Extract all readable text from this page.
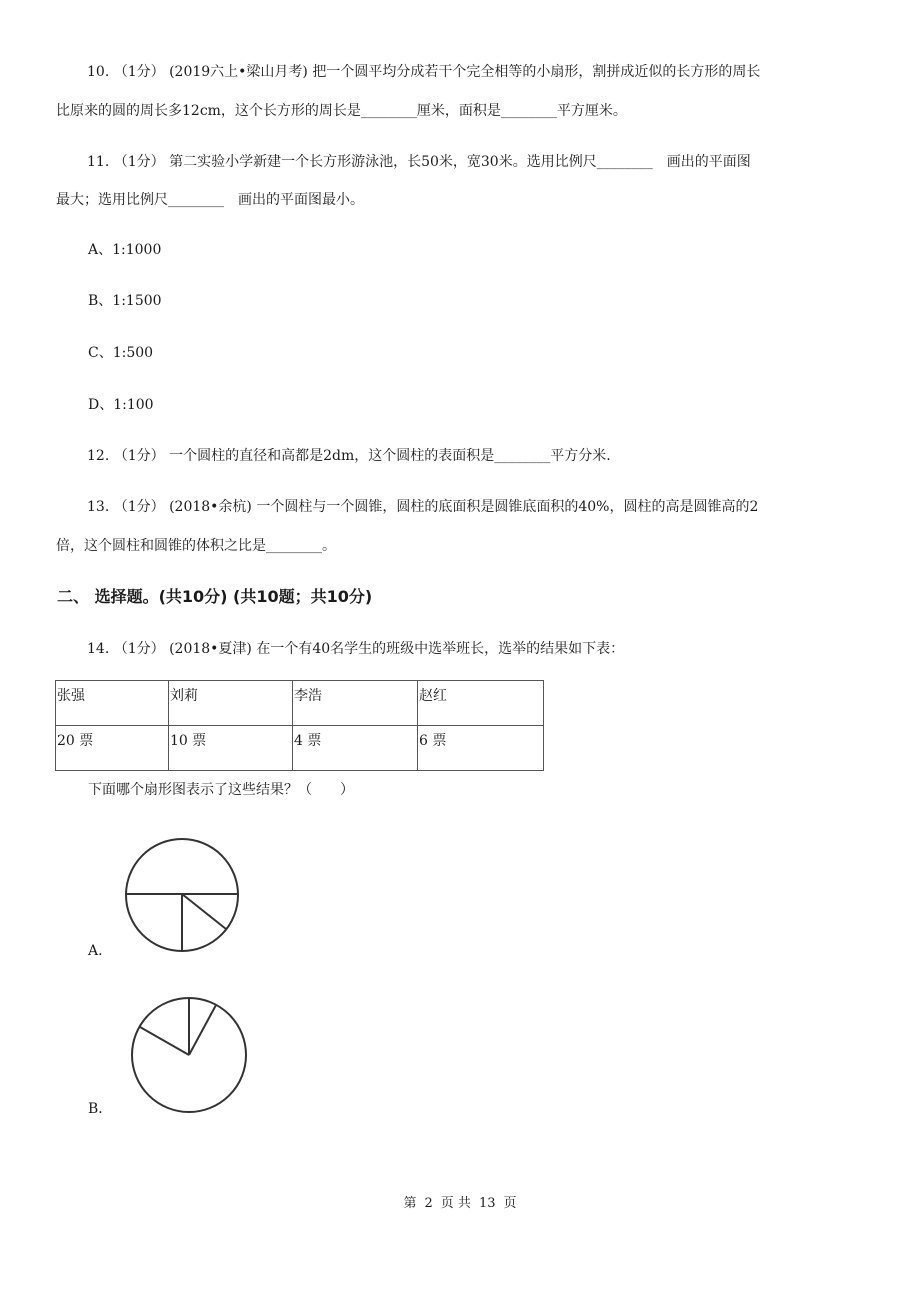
10. （1分） (2019六上•梁山月考) 把一个圆平均分成若干个完全相等的小扇形，割拼成近似的长方形的周长
比原来的圆的周长多12cm，这个长方形的周长是________厘米，面积是________平方厘米。
11. （1分） 第二实验小学新建一个长方形游泳池，长50米，宽30米。选用比例尺________　画出的平面图
最大；选用比例尺________　画出的平面图最小。
A、1:1000
B、1:1500
C、1:500
D、1:100
12. （1分） 一个圆柱的直径和高都是2dm，这个圆柱的表面积是________平方分米.
13. （1分） (2018•余杭) 一个圆柱与一个圆锥，圆柱的底面积是圆锥底面积的40%，圆柱的高是圆锥高的2
倍，这个圆柱和圆锥的体积之比是________。
二、 选择题。(共10分) (共10题；共10分)
14. （1分） (2018•夏津) 在一个有40名学生的班级中选举班长，选举的结果如下表：
张强	刘莉	李浩	赵红
20 票	10 票	4 票	6 票
下面哪个扇形图表示了这些结果？（　　）
A．
B．
第 2 页 共 13 页
